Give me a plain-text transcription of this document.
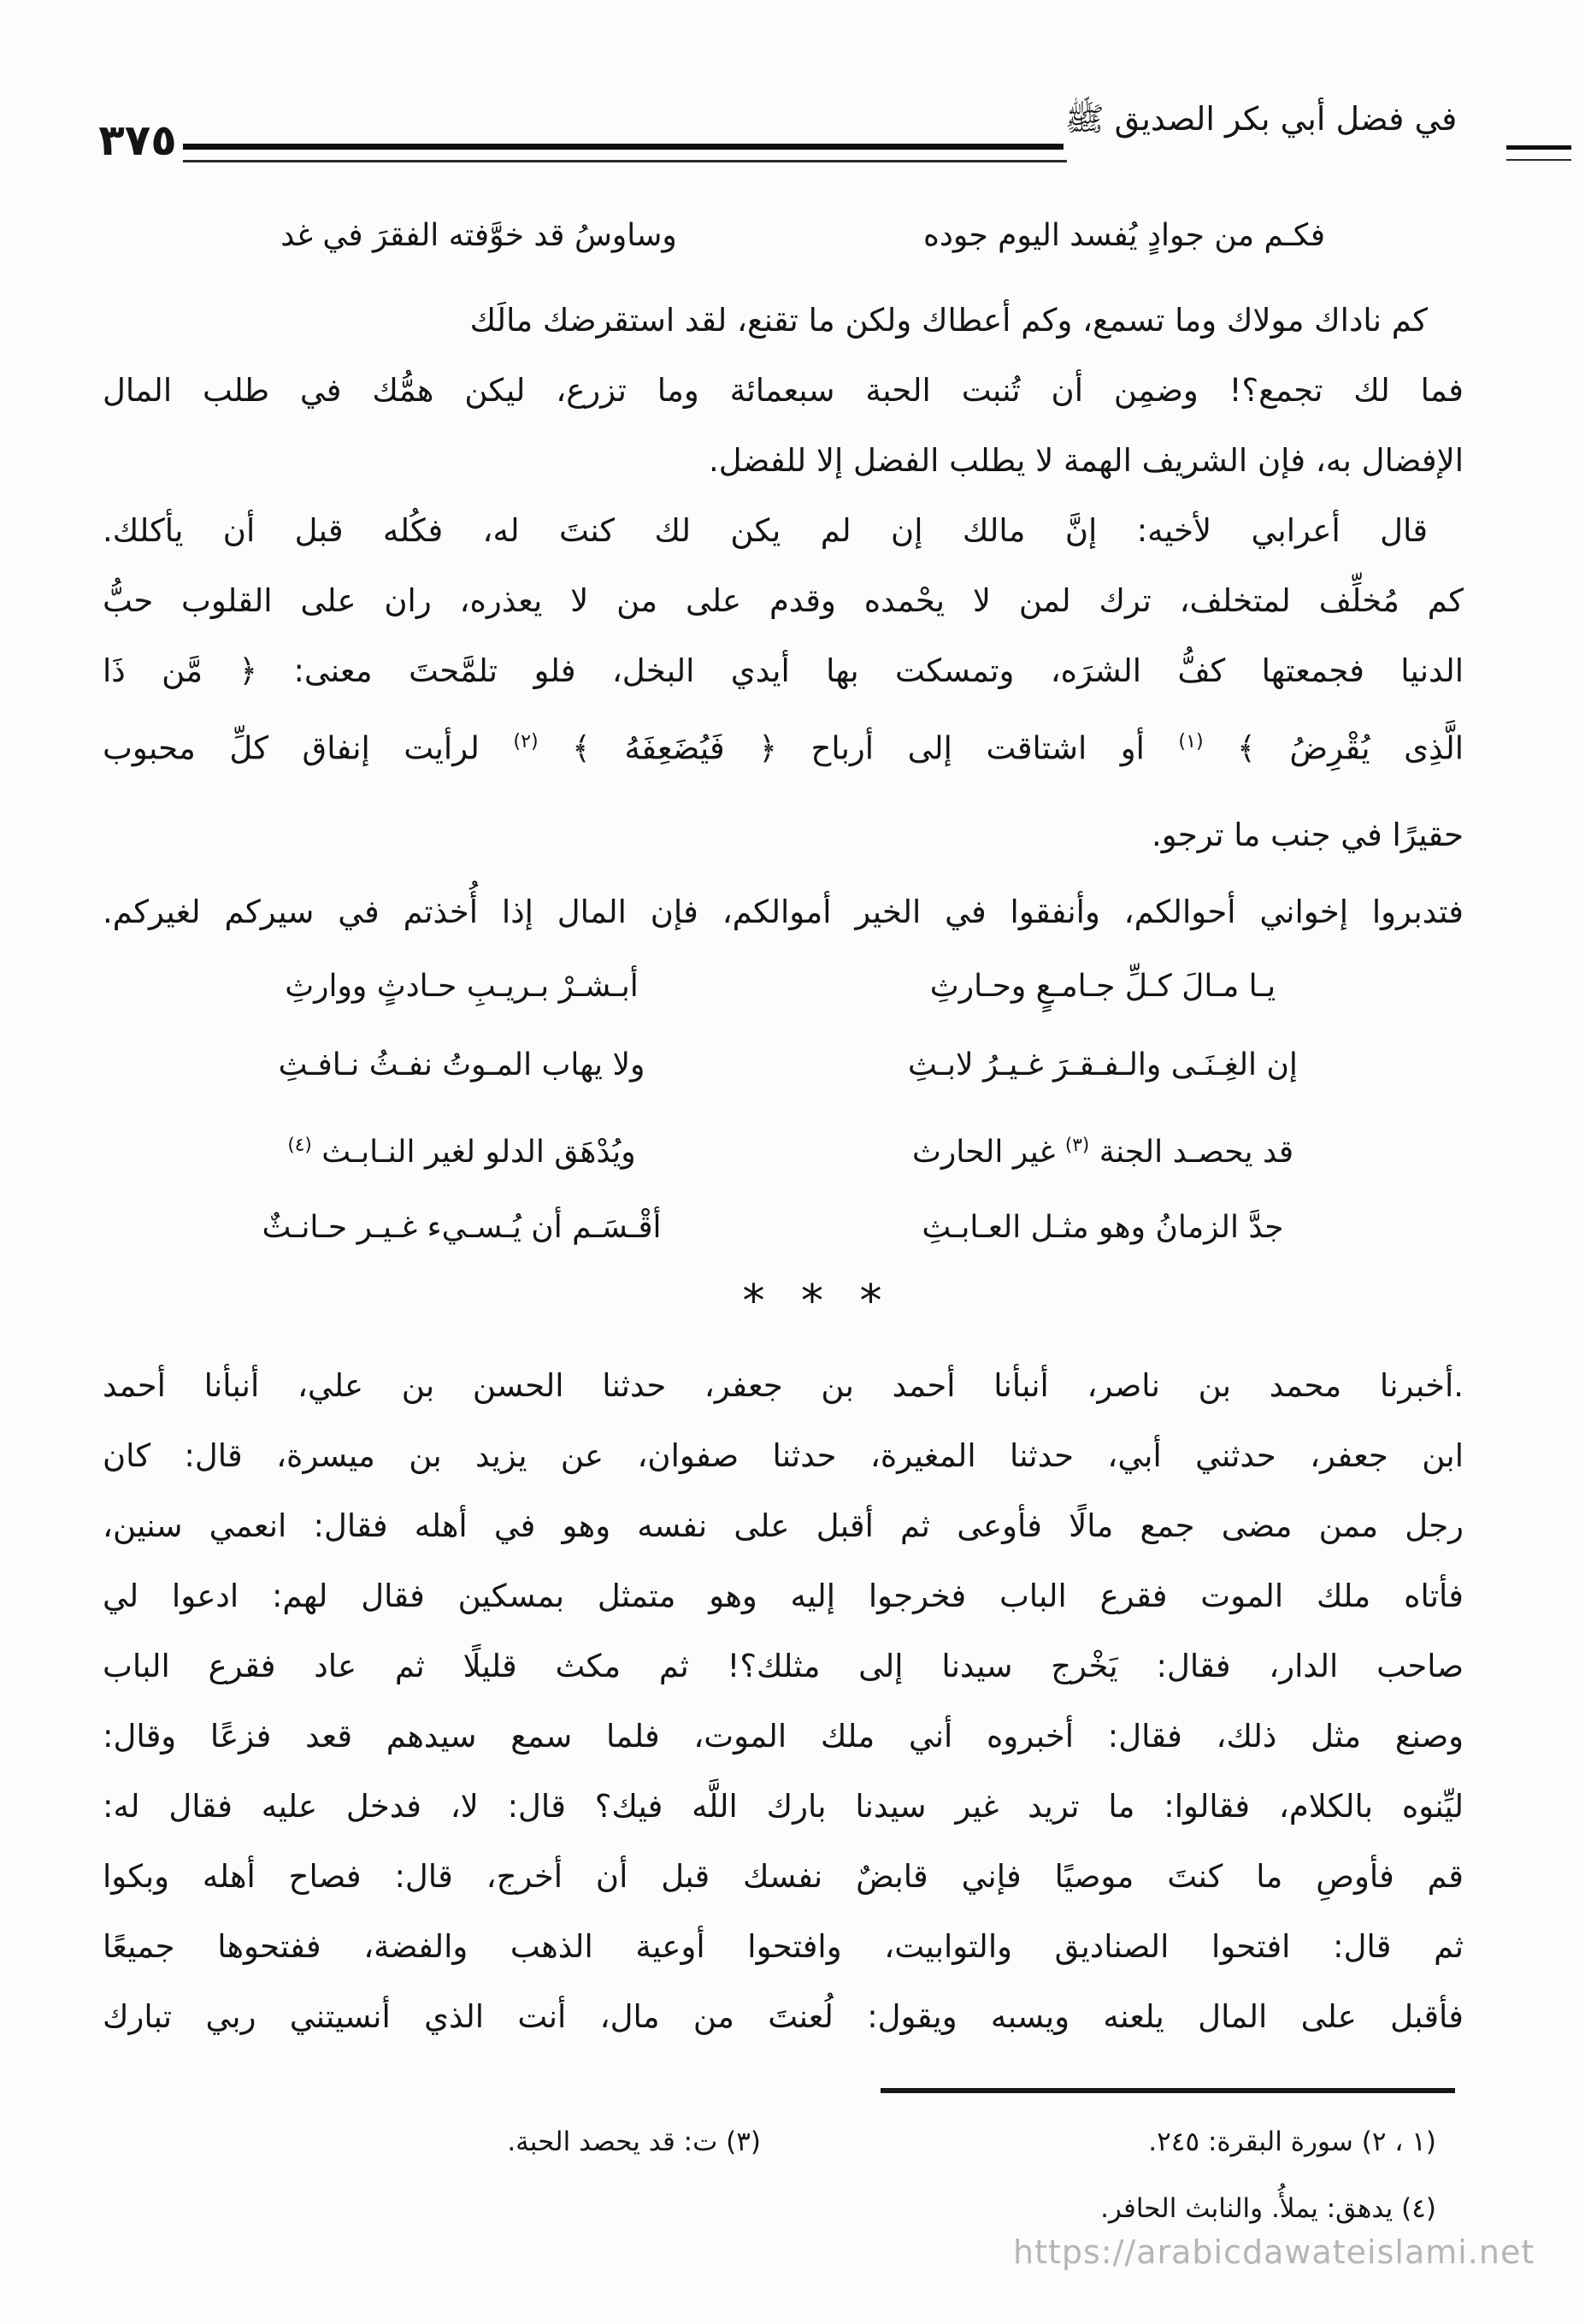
٣٧٥	في فضل أبي بكر الصديق ﷺ
فكـم من جوادٍ يُفسد اليوم جوده
وساوسُ قد خوَّفته الفقرَ في غد
كم ناداك مولاك وما تسمع، وكم أعطاك ولكن ما تقنع، لقد استقرضك مالَك
فما لك تجمع؟! وضمِن أن تُنبت الحبة سبعمائة وما تزرع، ليكن همُّك في طلب المال
الإفضال به، فإن الشريف الهمة لا يطلب الفضل إلا للفضل.
قال أعرابي لأخيه: إنَّ مالك إن لم يكن لك كنتَ له، فكُله قبل أن يأكلك.
كم مُخلِّف لمتخلف، ترك لمن لا يحْمده وقدم على من لا يعذره، ران على القلوب حبُّ
الدنيا فجمعتها كفُّ الشرَه، وتمسكت بها أيدي البخل، فلو تلمَّحتَ معنى: ﴿ مَّن ذَا
الَّذِى يُقْرِضُ ﴾ $^{(١)}$ أو اشتاقت إلى أرباح ﴿ فَيُضَعِفَهُ ﴾ $^{(٢)}$ لرأيت إنفاق كلِّ محبوب
حقيرًا في جنب ما ترجو.
فتدبروا إخواني أحوالكم، وأنفقوا في الخير أموالكم، فإن المال إذا أُخذتم في سيركم لغيركم.
يـا مـالَ كـلِّ جـامـعٍ وحـارثِ
أبـشـرْ بـريـبِ حـادثٍ ووارثِ
إن الغِـنَـى والـفـقـرَ غـيـرُ لابـثِ
ولا يهاب المـوتُ نفـثُ نـافـثِ
قد يحصـد الجنة $^{(٣)}$ غير الحارث
ويُدْهَق الدلو لغير النـابـث $^{(٤)}$
جدَّ الزمانُ وهو مثـل العـابـثِ
أقْـسَـم أن يُـسـيء غـيـر حـانـثٌ
* * *
.أخبرنا محمد بن ناصر، أنبأنا أحمد بن جعفر، حدثنا الحسن بن علي، أنبأنا أحمد
ابن جعفر، حدثني أبي، حدثنا المغيرة، حدثنا صفوان، عن يزيد بن ميسرة، قال: كان
رجل ممن مضى جمع مالًا فأوعى ثم أقبل على نفسه وهو في أهله فقال: انعمي سنين،
فأتاه ملك الموت فقرع الباب فخرجوا إليه وهو متمثل بمسكين فقال لهم: ادعوا لي
صاحب الدار، فقال: يَخْرج سيدنا إلى مثلك؟! ثم مكث قليلًا ثم عاد فقرع الباب
وصنع مثل ذلك، فقال: أخبروه أني ملك الموت، فلما سمع سيدهم قعد فزعًا وقال:
ليِّنوه بالكلام، فقالوا: ما تريد غير سيدنا بارك اللَّه فيك؟ قال: لا، فدخل عليه فقال له:
قم فأوصِ ما كنتَ موصيًا فإني قابضٌ نفسك قبل أن أخرج، قال: فصاح أهله وبكوا
ثم قال: افتحوا الصناديق والتوابيت، وافتحوا أوعية الذهب والفضة، ففتحوها جميعًا
فأقبل على المال يلعنه ويسبه ويقول: لُعنتَ من مال، أنت الذي أنسيتني ربي تبارك
(١ ، ٢) سورة البقرة: ٢٤٥.
(٣) ت: قد يحصد الحبة.
(٤) يدهق: يملأُ. والنابث الحافر.
https://arabicdawateislami.net
